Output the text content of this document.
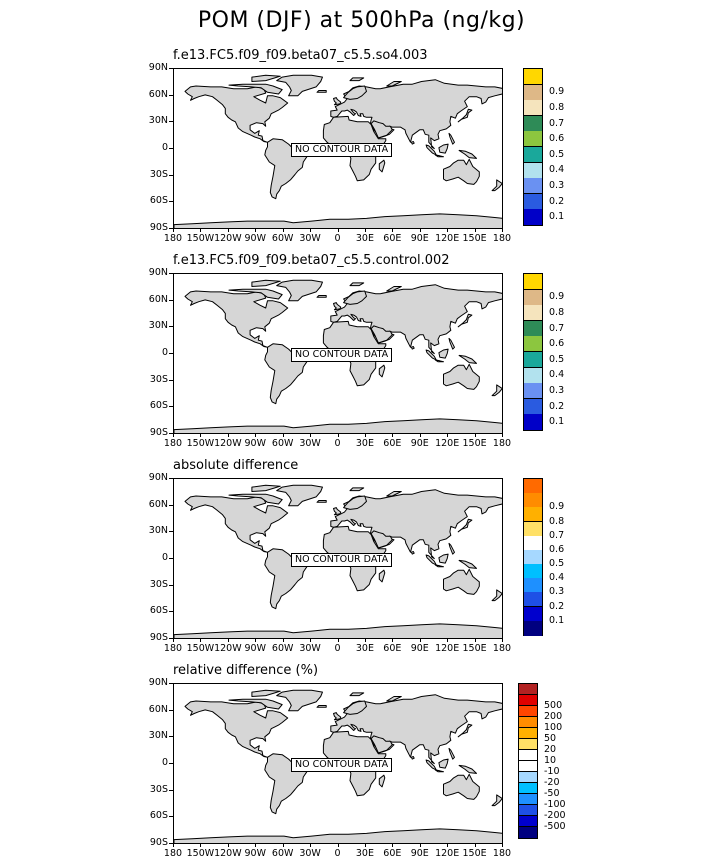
POM (DJF) at 500hPa (ng/kg)
f.e13.FC5.f09_f09.beta07_c5.5.so4.003
NO CONTOUR DATA
90N
60N
30N
0
30S
60S
90S
180 150W 120W 90W 60W 30W 0 30E 60E 90E 120E 150E 180
0.1
0.2
0.3
0.4
0.5
0.6
0.7
0.8
0.9
f.e13.FC5.f09_f09.beta07_c5.5.control.002
NO CONTOUR DATA
90N
60N
30N
0
30S
60S
90S
180 150W 120W 90W 60W 30W 0 30E 60E 90E 120E 150E 180
0.1
0.2
0.3
0.4
0.5
0.6
0.7
0.8
0.9
absolute difference
NO CONTOUR DATA
90N
60N
30N
0
30S
60S
90S
180 150W 120W 90W 60W 30W 0 30E 60E 90E 120E 150E 180
0.1
0.2
0.3
0.4
0.5
0.6
0.7
0.8
0.9
relative difference (%)
NO CONTOUR DATA
90N
60N
30N
0
30S
60S
90S
180 150W 120W 90W 60W 30W 0 30E 60E 90E 120E 150E 180
-500
-200
-100
-50
-20
-10
10
20
50
100
200
500
